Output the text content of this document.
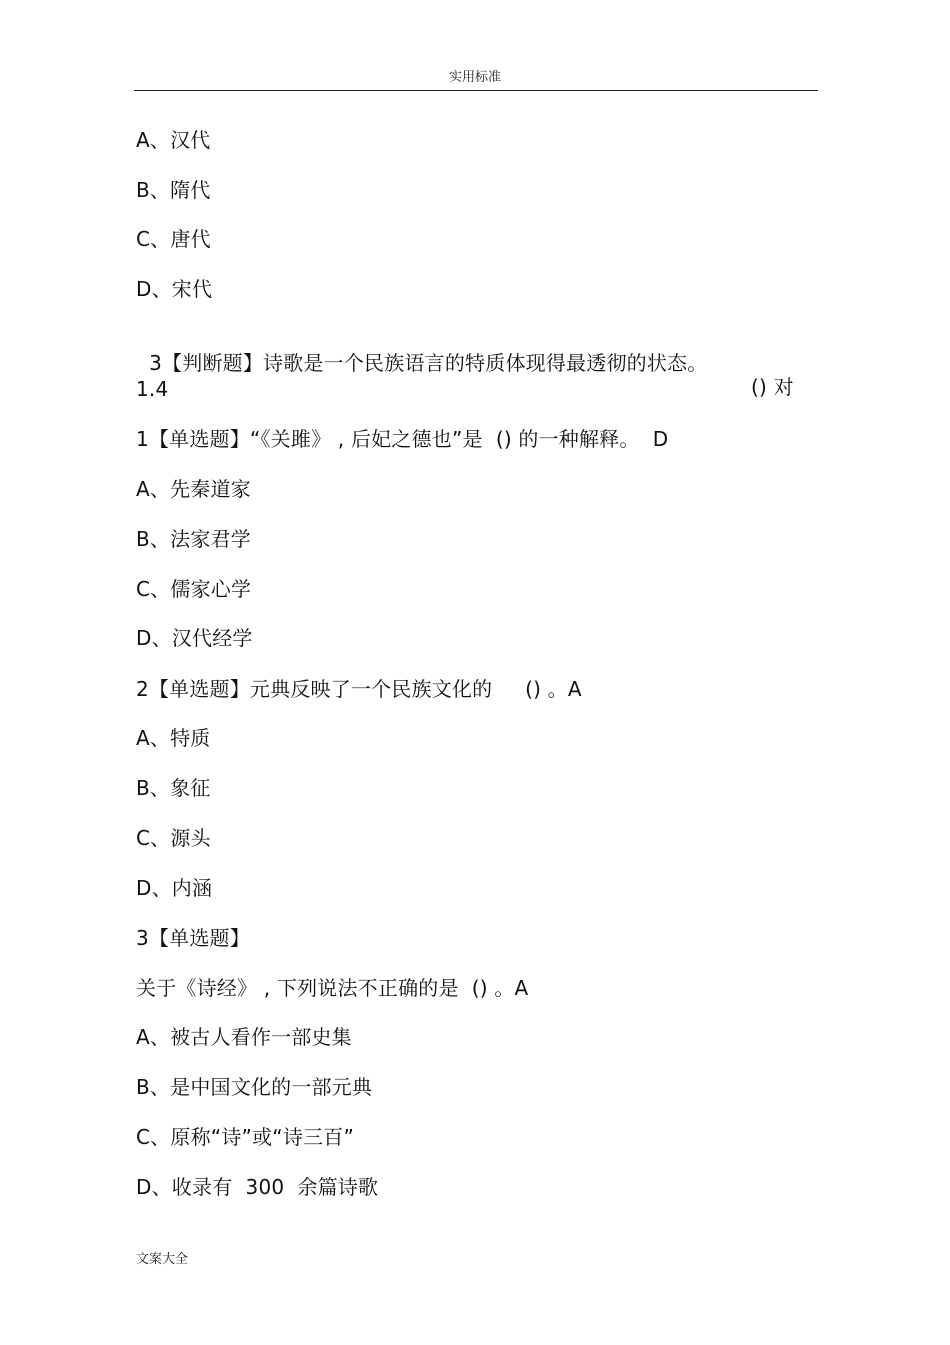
实用标准
A、汉代
B、隋代
C、唐代
D、宋代

3【判断题】诗歌是一个民族语言的特质体现得最透彻的状态。

() 对

1.4
1【单选题】“《关雎》 , 后妃之德也”是  () 的一种解释。  D
A、先秦道家
B、法家君学
C、儒家心学
D、汉代经学
2【单选题】元典反映了一个民族文化的     () 。A
A、特质
B、象征
C、源头
D、内涵
3【单选题】
关于《诗经》 , 下列说法不正确的是  () 。A
A、被古人看作一部史集
B、是中国文化的一部元典
C、原称“诗”或“诗三百”
D、收录有  300  余篇诗歌
文案大全
